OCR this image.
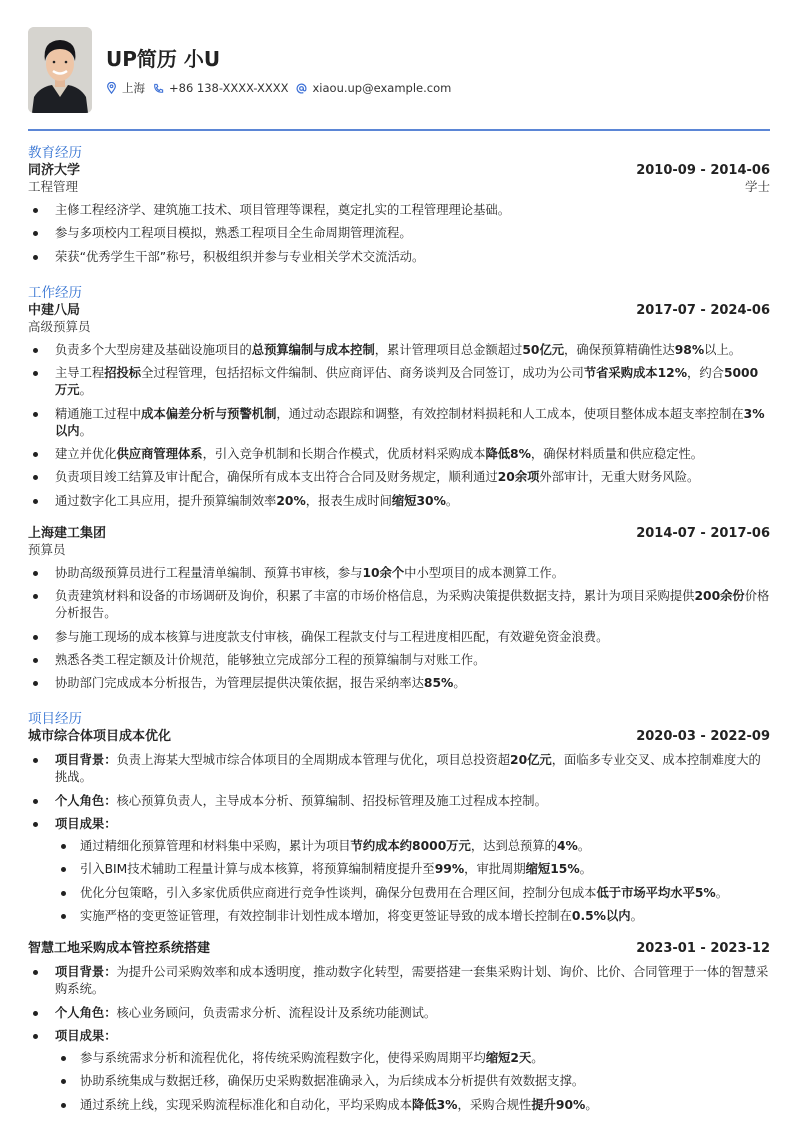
UP简历 小U
上海 +86 138-XXXX-XXXX xiaou.up@example.com
教育经历
同济大学	2010-09 - 2014-06
工程管理	学士
主修工程经济学、建筑施工技术、项目管理等课程，奠定扎实的工程管理理论基础。
参与多项校内工程项目模拟，熟悉工程项目全生命周期管理流程。
荣获“优秀学生干部”称号，积极组织并参与专业相关学术交流活动。
工作经历
中建八局	2017-07 - 2024-06
高级预算员
负责多个大型房建及基础设施项目的总预算编制与成本控制，累计管理项目总金额超过50亿元，确保预算精确性达98%以上。
主导工程招投标全过程管理，包括招标文件编制、供应商评估、商务谈判及合同签订，成功为公司节省采购成本12%，约合5000万元。
精通施工过程中成本偏差分析与预警机制，通过动态跟踪和调整，有效控制材料损耗和人工成本，使项目整体成本超支率控制在3%以内。
建立并优化供应商管理体系，引入竞争机制和长期合作模式，优质材料采购成本降低8%，确保材料质量和供应稳定性。
负责项目竣工结算及审计配合，确保所有成本支出符合合同及财务规定，顺利通过20余项外部审计，无重大财务风险。
通过数字化工具应用，提升预算编制效率20%，报表生成时间缩短30%。
上海建工集团	2014-07 - 2017-06
预算员
协助高级预算员进行工程量清单编制、预算书审核，参与10余个中小型项目的成本测算工作。
负责建筑材料和设备的市场调研及询价，积累了丰富的市场价格信息，为采购决策提供数据支持，累计为项目采购提供200余份价格分析报告。
参与施工现场的成本核算与进度款支付审核，确保工程款支付与工程进度相匹配，有效避免资金浪费。
熟悉各类工程定额及计价规范，能够独立完成部分工程的预算编制与对账工作。
协助部门完成成本分析报告，为管理层提供决策依据，报告采纳率达85%。
项目经历
城市综合体项目成本优化	2020-03 - 2022-09
项目背景：负责上海某大型城市综合体项目的全周期成本管理与优化，项目总投资超20亿元，面临多专业交叉、成本控制难度大的挑战。
个人角色：核心预算负责人，主导成本分析、预算编制、招投标管理及施工过程成本控制。
项目成果：
通过精细化预算管理和材料集中采购，累计为项目节约成本约8000万元，达到总预算的4%。
引入BIM技术辅助工程量计算与成本核算，将预算编制精度提升至99%，审批周期缩短15%。
优化分包策略，引入多家优质供应商进行竞争性谈判，确保分包费用在合理区间，控制分包成本低于市场平均水平5%。
实施严格的变更签证管理，有效控制非计划性成本增加，将变更签证导致的成本增长控制在0.5%以内。
智慧工地采购成本管控系统搭建	2023-01 - 2023-12
项目背景：为提升公司采购效率和成本透明度，推动数字化转型，需要搭建一套集采购计划、询价、比价、合同管理于一体的智慧采购系统。
个人角色：核心业务顾问，负责需求分析、流程设计及系统功能测试。
项目成果：
参与系统需求分析和流程优化，将传统采购流程数字化，使得采购周期平均缩短2天。
协助系统集成与数据迁移，确保历史采购数据准确录入，为后续成本分析提供有效数据支撑。
通过系统上线，实现采购流程标准化和自动化，平均采购成本降低3%，采购合规性提升90%。
